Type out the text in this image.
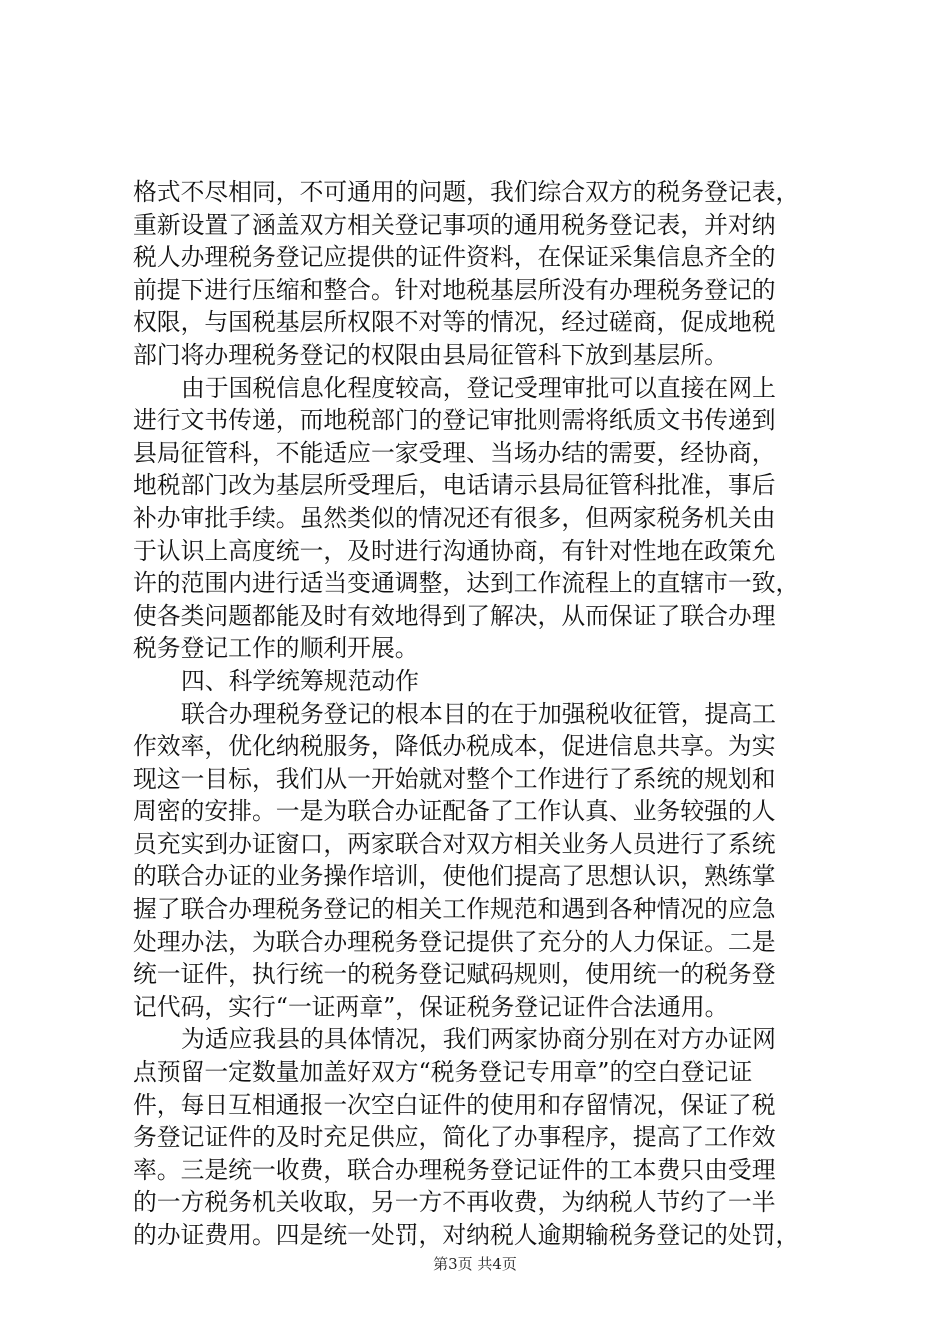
格式不尽相同，不可通用的问题，我们综合双方的税务登记表，
重新设置了涵盖双方相关登记事项的通用税务登记表，并对纳
税人办理税务登记应提供的证件资料，在保证采集信息齐全的
前提下进行压缩和整合。针对地税基层所没有办理税务登记的
权限，与国税基层所权限不对等的情况，经过磋商，促成地税
部门将办理税务登记的权限由县局征管科下放到基层所。
由于国税信息化程度较高，登记受理审批可以直接在网上
进行文书传递，而地税部门的登记审批则需将纸质文书传递到
县局征管科，不能适应一家受理、当场办结的需要，经协商，
地税部门改为基层所受理后，电话请示县局征管科批准，事后
补办审批手续。虽然类似的情况还有很多，但两家税务机关由
于认识上高度统一，及时进行沟通协商，有针对性地在政策允
许的范围内进行适当变通调整，达到工作流程上的直辖市一致，
使各类问题都能及时有效地得到了解决，从而保证了联合办理
税务登记工作的顺利开展。
四、科学统筹规范动作
联合办理税务登记的根本目的在于加强税收征管，提高工
作效率，优化纳税服务，降低办税成本，促进信息共享。为实
现这一目标，我们从一开始就对整个工作进行了系统的规划和
周密的安排。一是为联合办证配备了工作认真、业务较强的人
员充实到办证窗口，两家联合对双方相关业务人员进行了系统
的联合办证的业务操作培训，使他们提高了思想认识，熟练掌
握了联合办理税务登记的相关工作规范和遇到各种情况的应急
处理办法，为联合办理税务登记提供了充分的人力保证。二是
统一证件，执行统一的税务登记赋码规则，使用统一的税务登
记代码，实行“一证两章”，保证税务登记证件合法通用。
为适应我县的具体情况，我们两家协商分别在对方办证网
点预留一定数量加盖好双方“税务登记专用章”的空白登记证
件，每日互相通报一次空白证件的使用和存留情况，保证了税
务登记证件的及时充足供应，简化了办事程序，提高了工作效
率。三是统一收费，联合办理税务登记证件的工本费只由受理
的一方税务机关收取，另一方不再收费，为纳税人节约了一半
的办证费用。四是统一处罚，对纳税人逾期输税务登记的处罚，
第3页 共4页
